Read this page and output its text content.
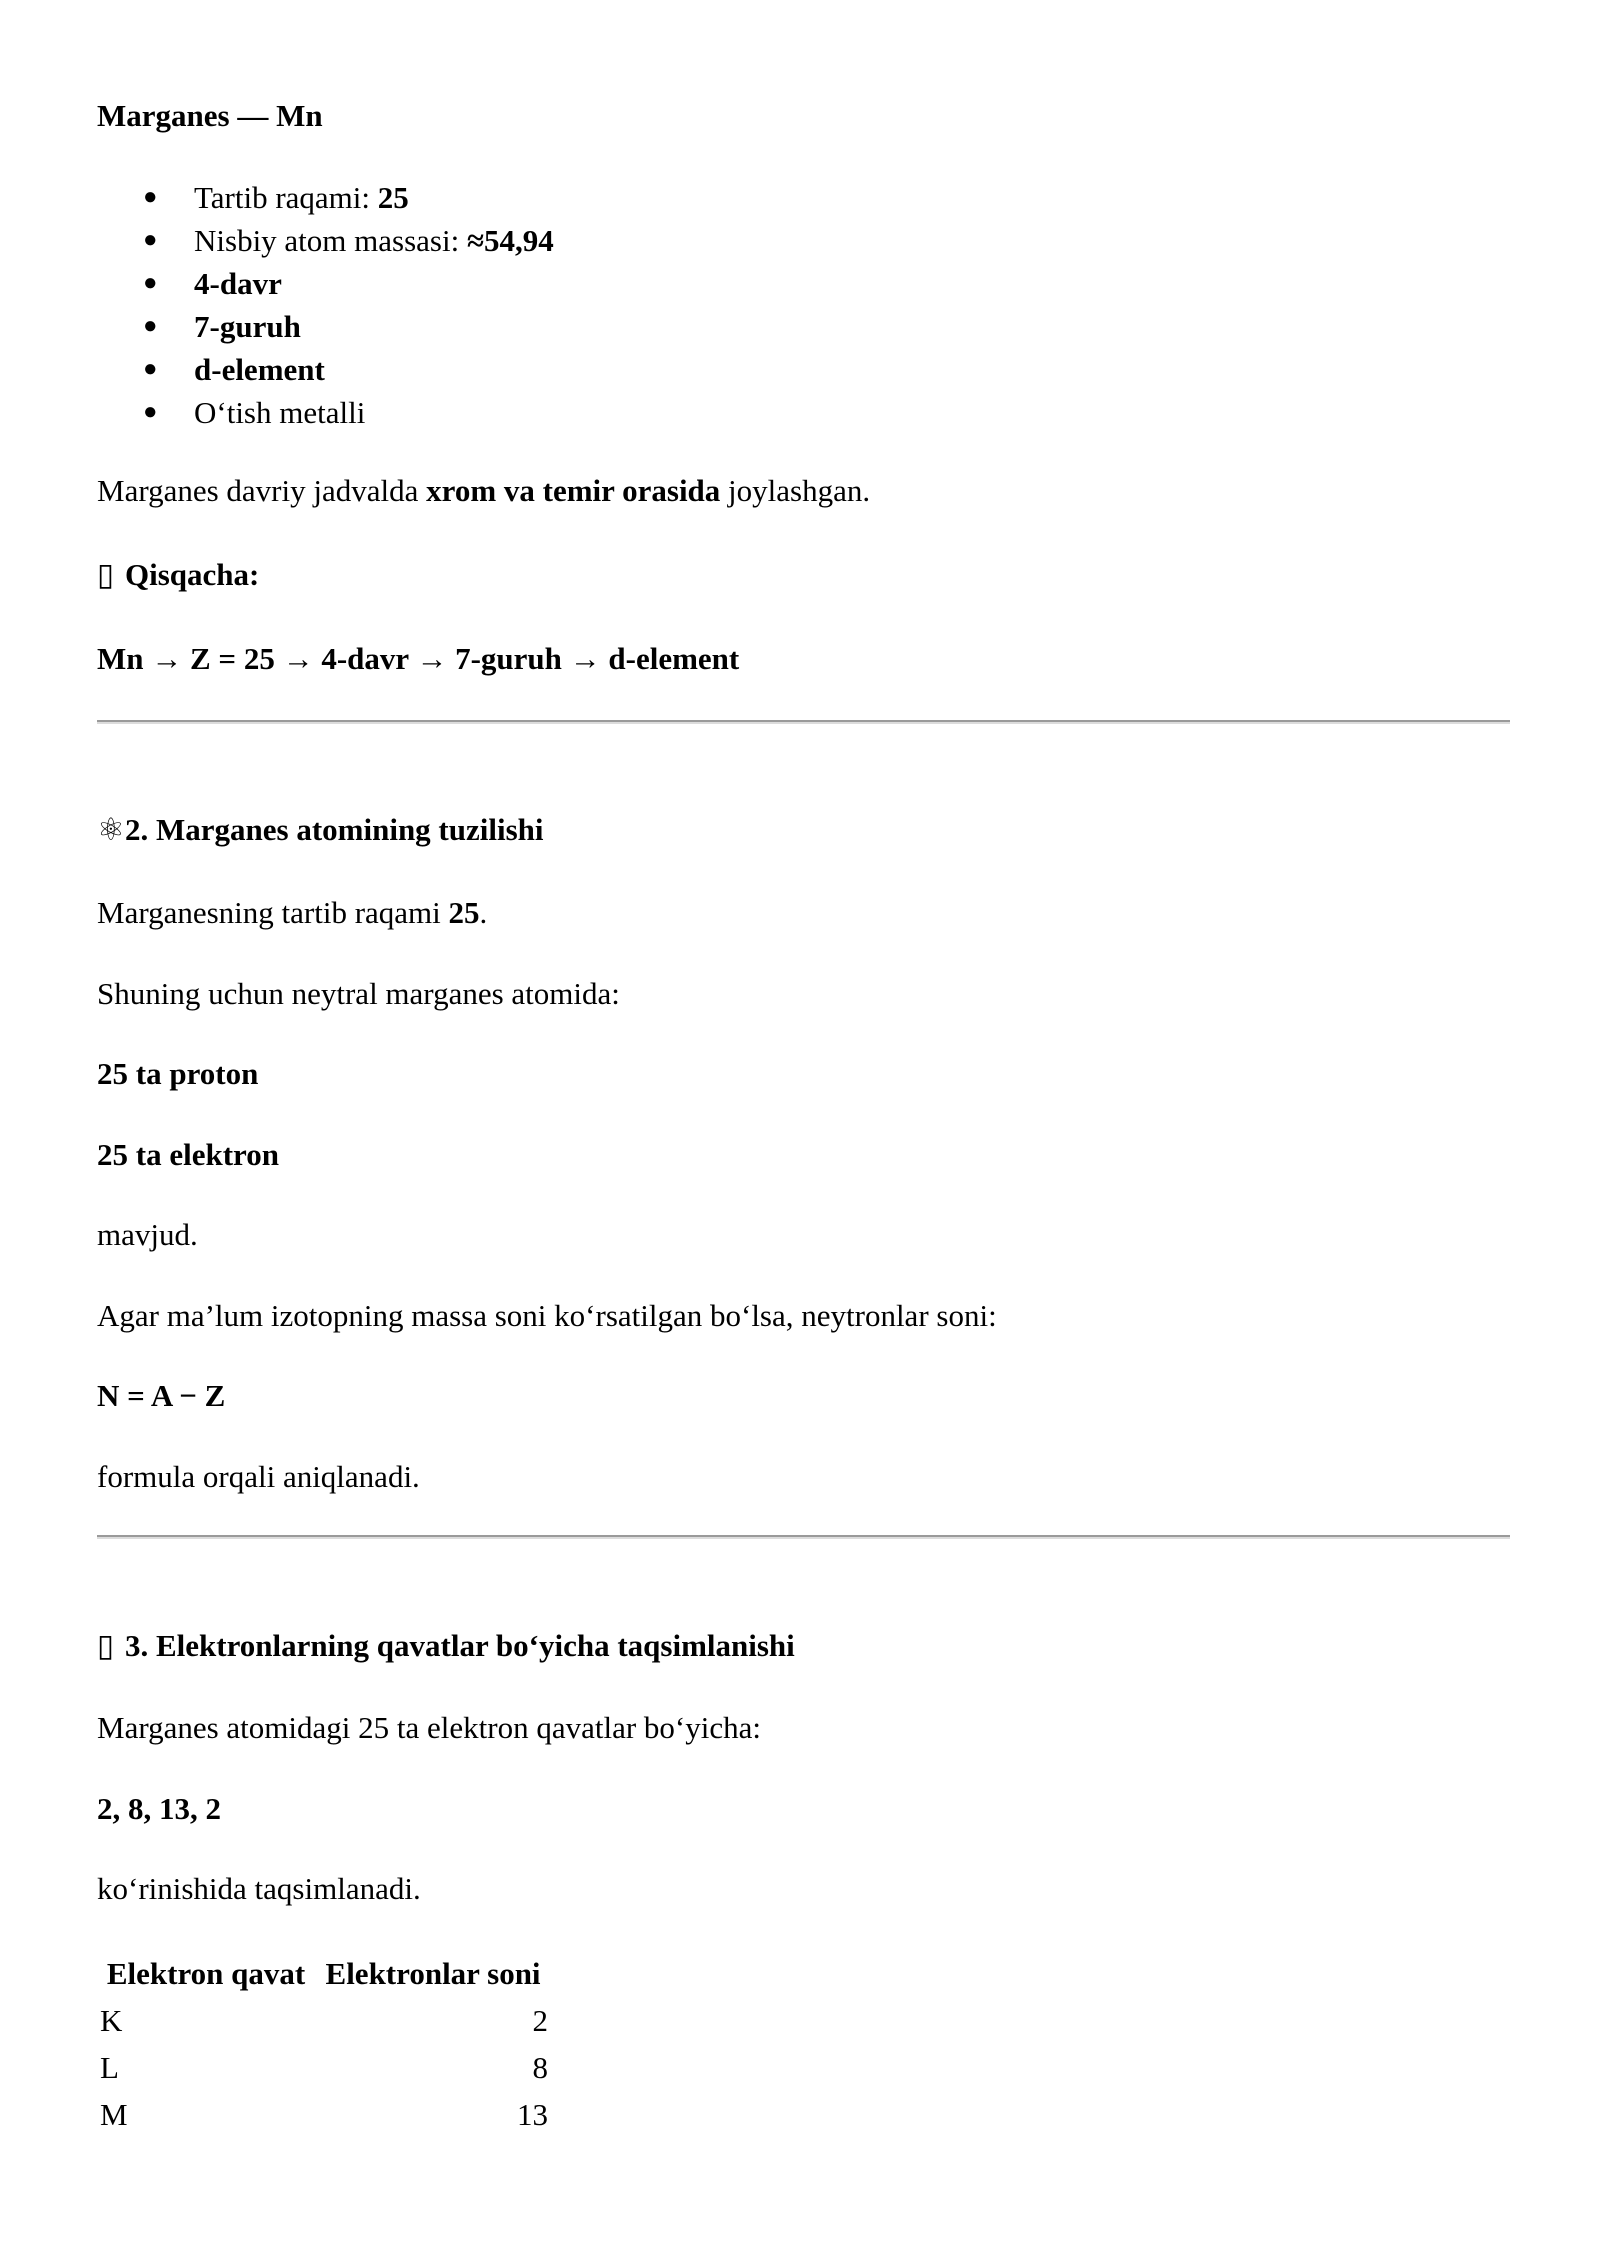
Marganes — Mn

● Tartib raqami: 25
● Nisbiy atom massasi: ≈54,94
● 4-davr
● 7-guruh
● d-element
● O‘tish metalli

Marganes davriy jadvalda xrom va temir orasida joylashgan.

▯ Qisqacha:

Mn → Z = 25 → 4-davr → 7-guruh → d-element

⚛2. Marganes atomining tuzilishi

Marganesning tartib raqami 25.

Shuning uchun neytral marganes atomida:

25 ta proton

25 ta elektron

mavjud.

Agar ma’lum izotopning massa soni ko‘rsatilgan bo‘lsa, neytronlar soni:

N = A − Z

formula orqali aniqlanadi.

▯ 3. Elektronlarning qavatlar bo‘yicha taqsimlanishi

Marganes atomidagi 25 ta elektron qavatlar bo‘yicha:

2, 8, 13, 2

ko‘rinishida taqsimlanadi.

Elektron qavat	Elektronlar soni
K	2
L	8
M	13
